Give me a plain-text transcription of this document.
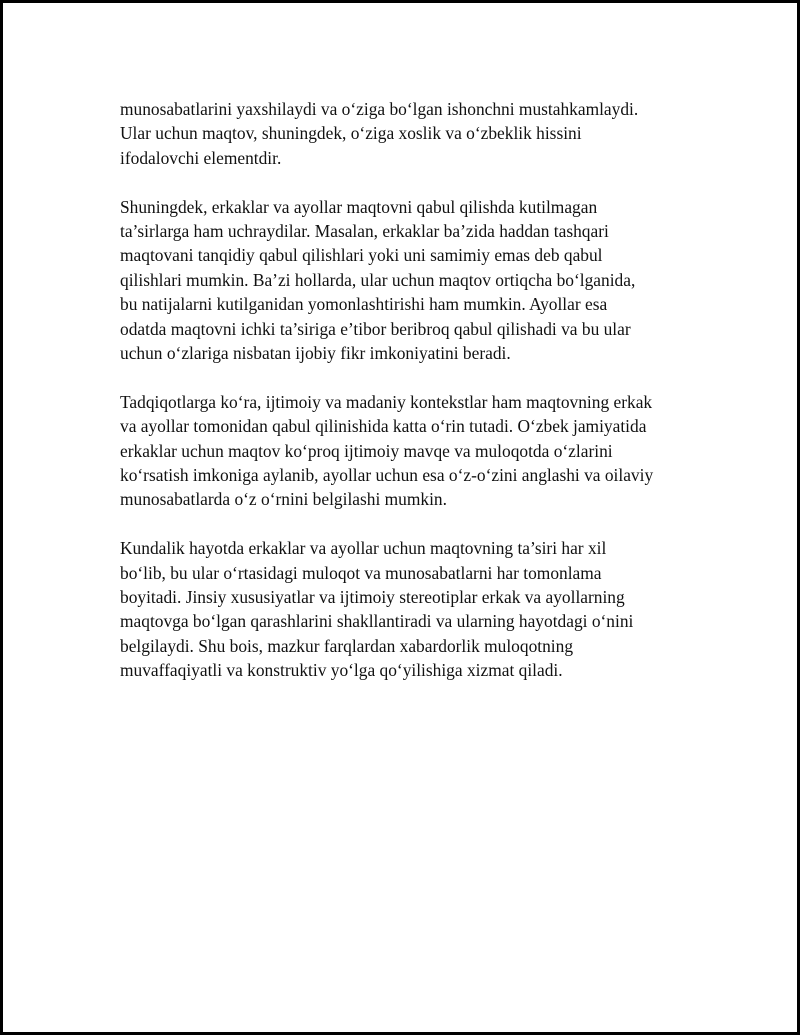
munosabatlarini yaxshilaydi va o‘ziga bo‘lgan ishonchni mustahkamlaydi.
Ular uchun maqtov, shuningdek, o‘ziga xoslik va o‘zbeklik hissini
ifodalovchi elementdir.

Shuningdek, erkaklar va ayollar maqtovni qabul qilishda kutilmagan
ta’sirlarga ham uchraydilar. Masalan, erkaklar ba’zida haddan tashqari
maqtovani tanqidiy qabul qilishlari yoki uni samimiy emas deb qabul
qilishlari mumkin. Ba’zi hollarda, ular uchun maqtov ortiqcha bo‘lganida,
bu natijalarni kutilganidan yomonlashtirishi ham mumkin. Ayollar esa
odatda maqtovni ichki ta’siriga e’tibor beribroq qabul qilishadi va bu ular
uchun o‘zlariga nisbatan ijobiy fikr imkoniyatini beradi.

Tadqiqotlarga ko‘ra, ijtimoiy va madaniy kontekstlar ham maqtovning erkak
va ayollar tomonidan qabul qilinishida katta o‘rin tutadi. O‘zbek jamiyatida
erkaklar uchun maqtov ko‘proq ijtimoiy mavqe va muloqotda o‘zlarini
ko‘rsatish imkoniga aylanib, ayollar uchun esa o‘z-o‘zini anglashi va oilaviy
munosabatlarda o‘z o‘rnini belgilashi mumkin.

Kundalik hayotda erkaklar va ayollar uchun maqtovning ta’siri har xil
bo‘lib, bu ular o‘rtasidagi muloqot va munosabatlarni har tomonlama
boyitadi. Jinsiy xususiyatlar va ijtimoiy stereotiplar erkak va ayollarning
maqtovga bo‘lgan qarashlarini shakllantiradi va ularning hayotdagi o‘nini
belgilaydi. Shu bois, mazkur farqlardan xabardorlik muloqotning
muvaffaqiyatli va konstruktiv yo‘lga qo‘yilishiga xizmat qiladi.
